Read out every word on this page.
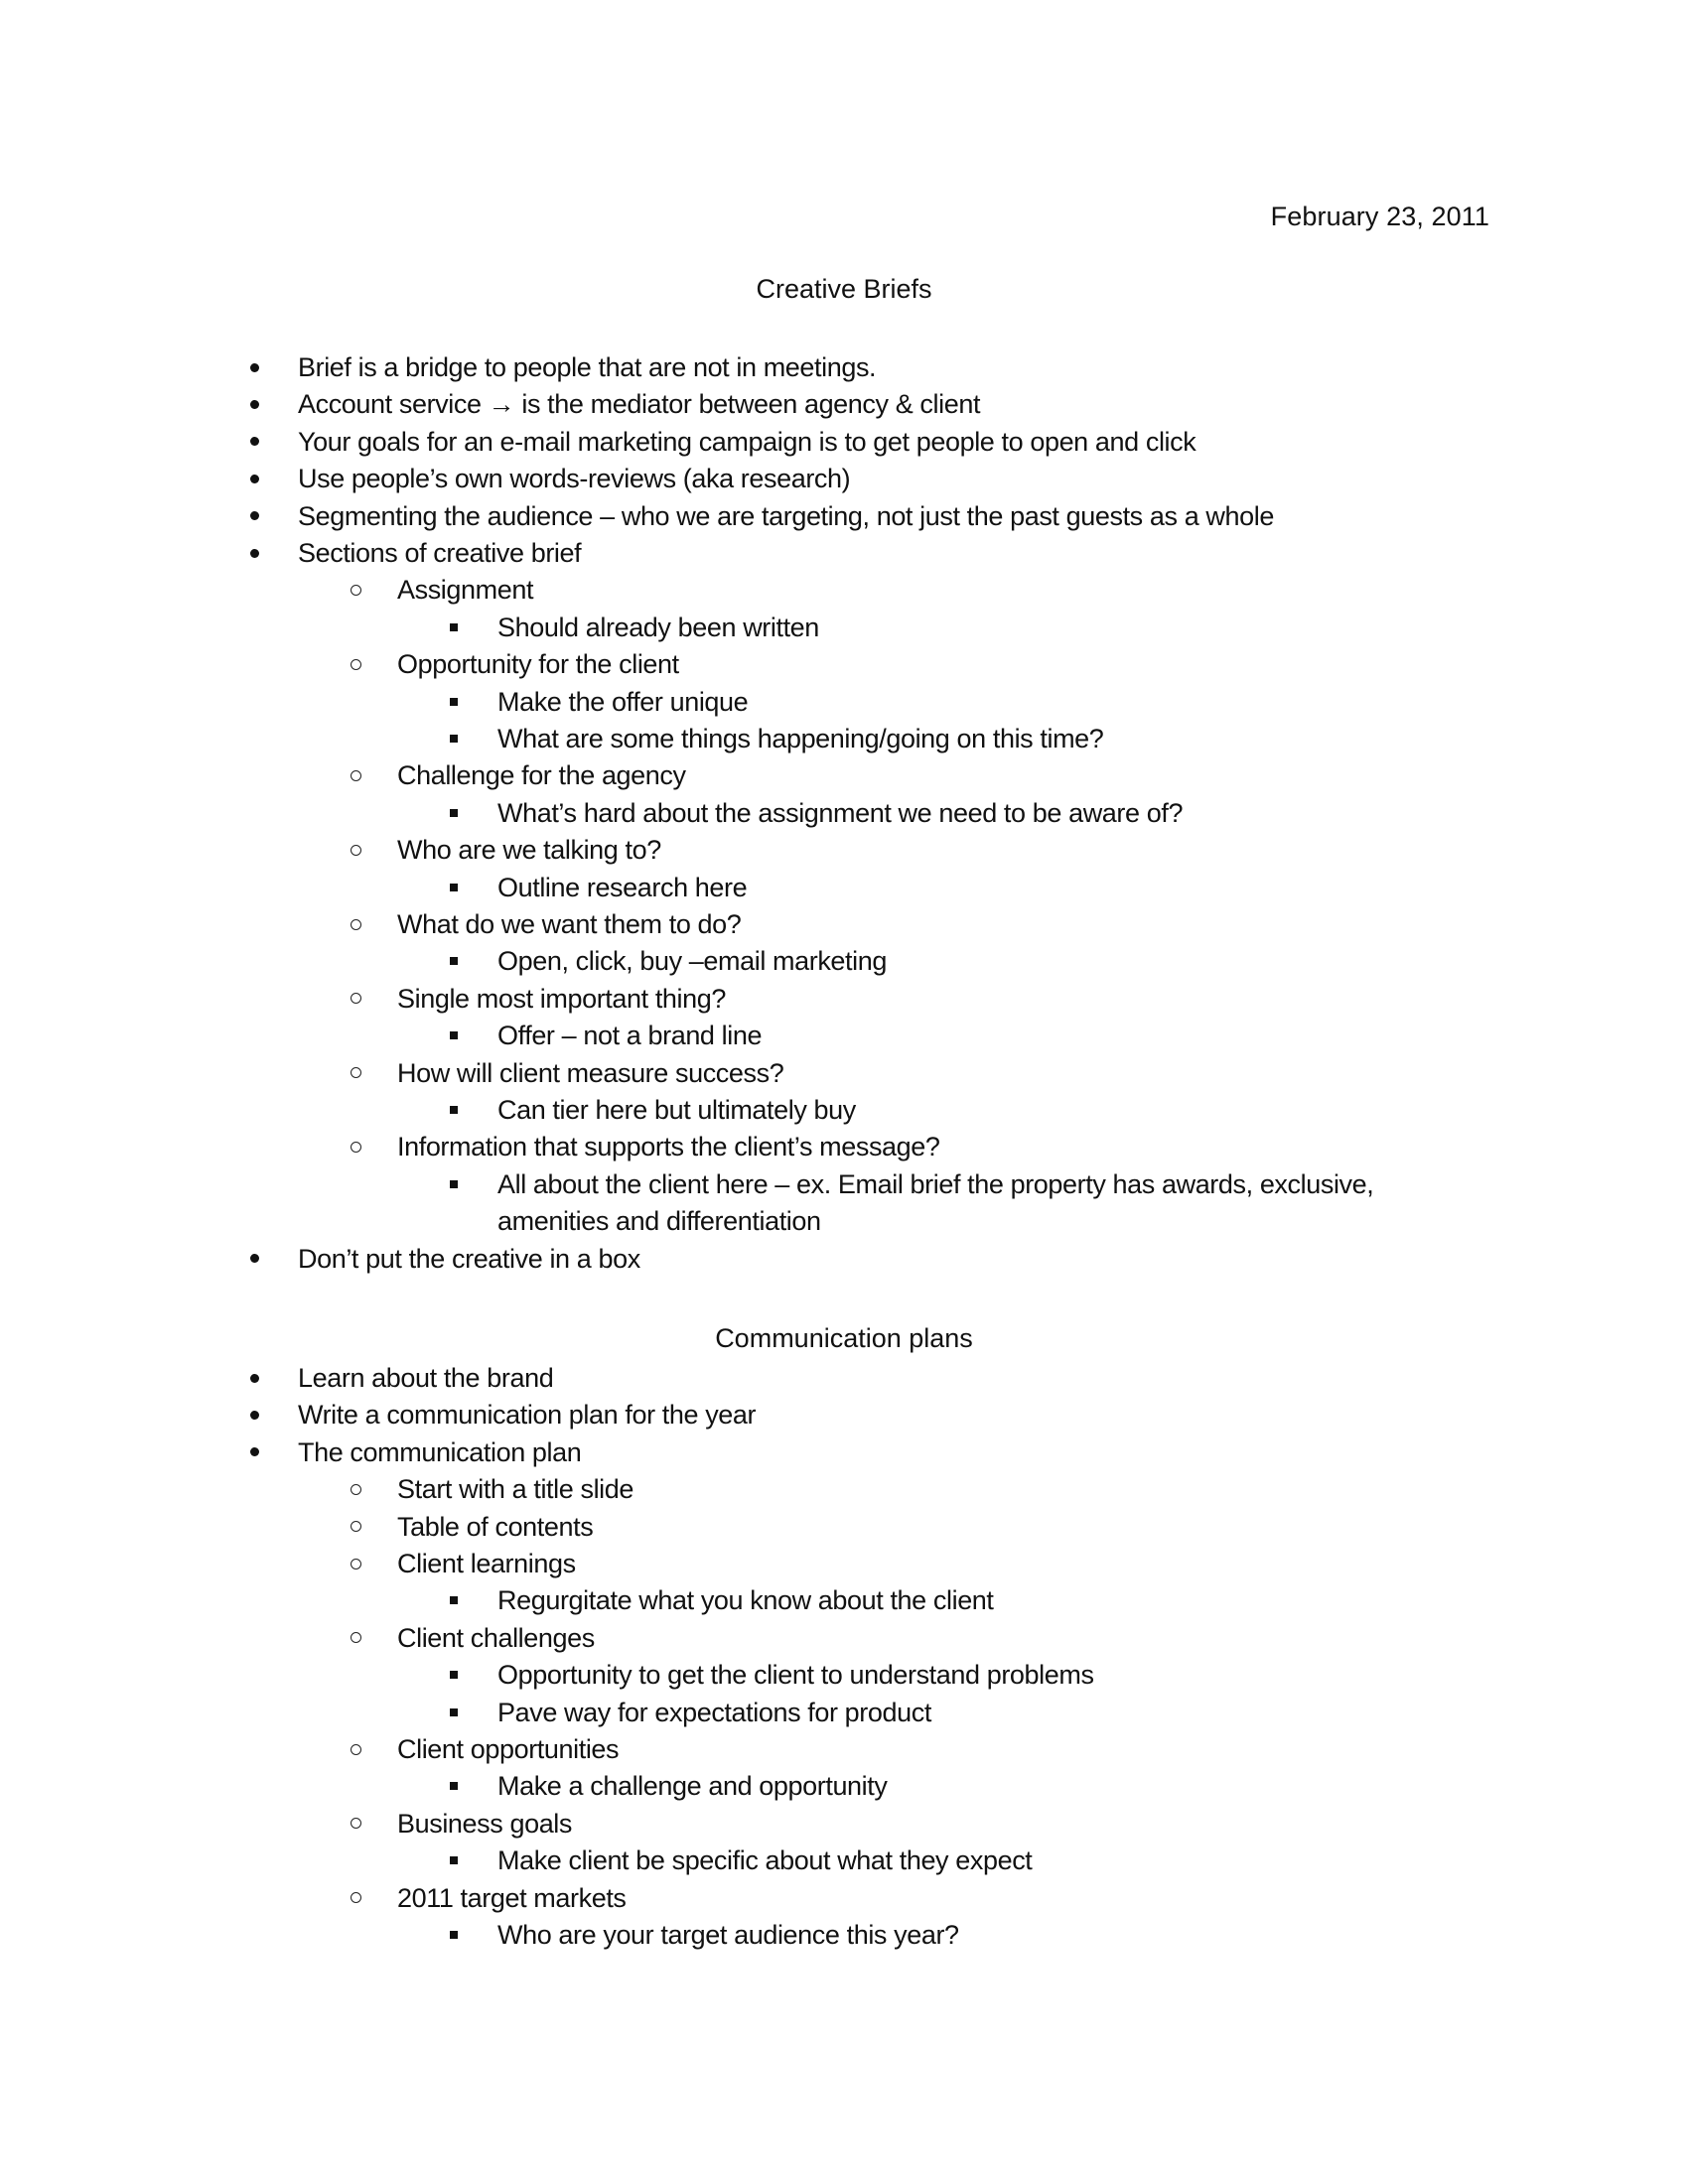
February 23, 2011
Creative Briefs
Brief is a bridge to people that are not in meetings.
Account service → is the mediator between agency & client
Your goals for an e-mail marketing campaign is to get people to open and click
Use people’s own words-reviews (aka research)
Segmenting the audience – who we are targeting, not just the past guests as a whole
Sections of creative brief
Assignment
Should already been written
Opportunity for the client
Make the offer unique
What are some things happening/going on this time?
Challenge for the agency
What’s hard about the assignment we need to be aware of?
Who are we talking to?
Outline research here
What do we want them to do?
Open, click, buy –email marketing
Single most important thing?
Offer – not a brand line
How will client measure success?
Can tier here but ultimately buy
Information that supports the client’s message?
All about the client here – ex. Email brief the property has awards, exclusive,
amenities and differentiation
Don’t put the creative in a box
Communication plans
Learn about the brand
Write a communication plan for the year
The communication plan
Start with a title slide
Table of contents
Client learnings
Regurgitate what you know about the client
Client challenges
Opportunity to get the client to understand problems
Pave way for expectations for product
Client opportunities
Make a challenge and opportunity
Business goals
Make client be specific about what they expect
2011 target markets
Who are your target audience this year?
